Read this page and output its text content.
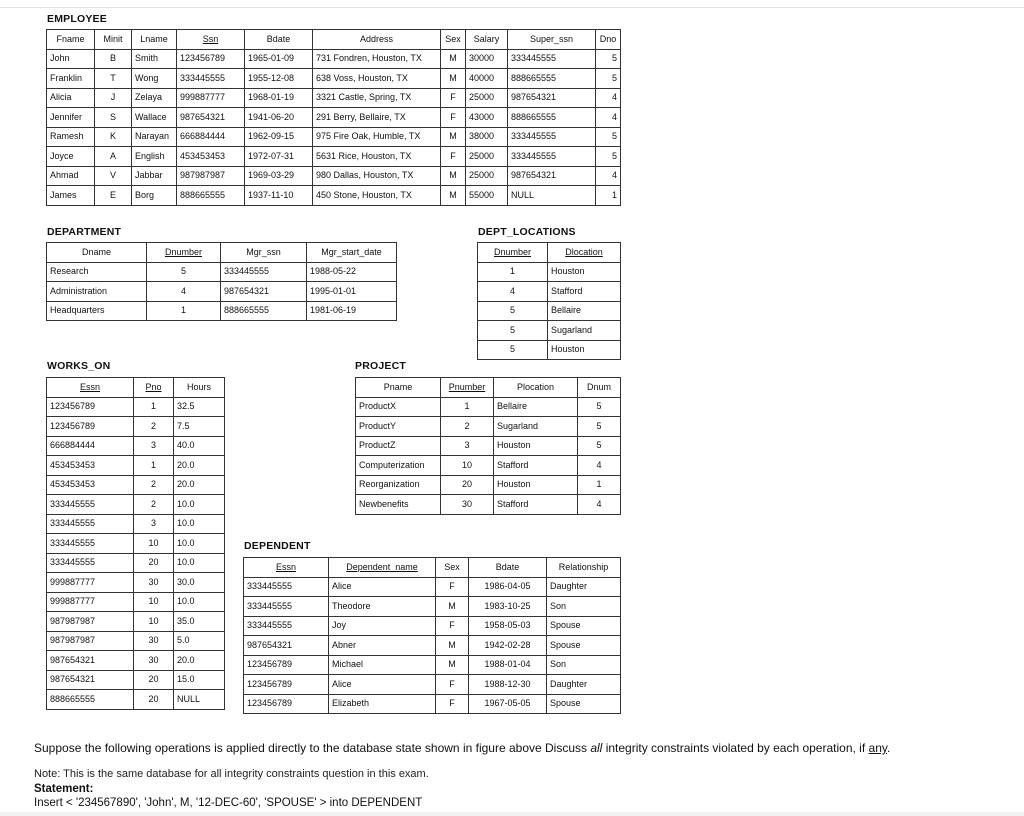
EMPLOYEE
Fname	Minit	Lname	Ssn	Bdate	Address	Sex	Salary	Super_ssn	Dno
John	B	Smith	123456789	1965-01-09	731 Fondren, Houston, TX	M	30000	333445555	5
Franklin	T	Wong	333445555	1955-12-08	638 Voss, Houston, TX	M	40000	888665555	5
Alicia	J	Zelaya	999887777	1968-01-19	3321 Castle, Spring, TX	F	25000	987654321	4
Jennifer	S	Wallace	987654321	1941-06-20	291 Berry, Bellaire, TX	F	43000	888665555	4
Ramesh	K	Narayan	666884444	1962-09-15	975 Fire Oak, Humble, TX	M	38000	333445555	5
Joyce	A	English	453453453	1972-07-31	5631 Rice, Houston, TX	F	25000	333445555	5
Ahmad	V	Jabbar	987987987	1969-03-29	980 Dallas, Houston, TX	M	25000	987654321	4
James	E	Borg	888665555	1937-11-10	450 Stone, Houston, TX	M	55000	NULL	1
DEPARTMENT
Dname	Dnumber	Mgr_ssn	Mgr_start_date
Research	5	333445555	1988-05-22
Administration	4	987654321	1995-01-01
Headquarters	1	888665555	1981-06-19
DEPT_LOCATIONS
Dnumber	Dlocation
1	Houston
4	Stafford
5	Bellaire
5	Sugarland
5	Houston
WORKS_ON
Essn	Pno	Hours
123456789	1	32.5
123456789	2	7.5
666884444	3	40.0
453453453	1	20.0
453453453	2	20.0
333445555	2	10.0
333445555	3	10.0
333445555	10	10.0
333445555	20	10.0
999887777	30	30.0
999887777	10	10.0
987987987	10	35.0
987987987	30	5.0
987654321	30	20.0
987654321	20	15.0
888665555	20	NULL
PROJECT
Pname	Pnumber	Plocation	Dnum
ProductX	1	Bellaire	5
ProductY	2	Sugarland	5
ProductZ	3	Houston	5
Computerization	10	Stafford	4
Reorganization	20	Houston	1
Newbenefits	30	Stafford	4
DEPENDENT
Essn	Dependent_name	Sex	Bdate	Relationship
333445555	Alice	F	1986-04-05	Daughter
333445555	Theodore	M	1983-10-25	Son
333445555	Joy	F	1958-05-03	Spouse
987654321	Abner	M	1942-02-28	Spouse
123456789	Michael	M	1988-01-04	Son
123456789	Alice	F	1988-12-30	Daughter
123456789	Elizabeth	F	1967-05-05	Spouse
Suppose the following operations is applied directly to the database state shown in figure above Discuss all integrity constraints violated by each operation, if any.
Note: This is the same database for all integrity constraints question in this exam.
Statement:
Insert < '234567890', 'John', M, '12-DEC-60', 'SPOUSE' > into DEPENDENT
